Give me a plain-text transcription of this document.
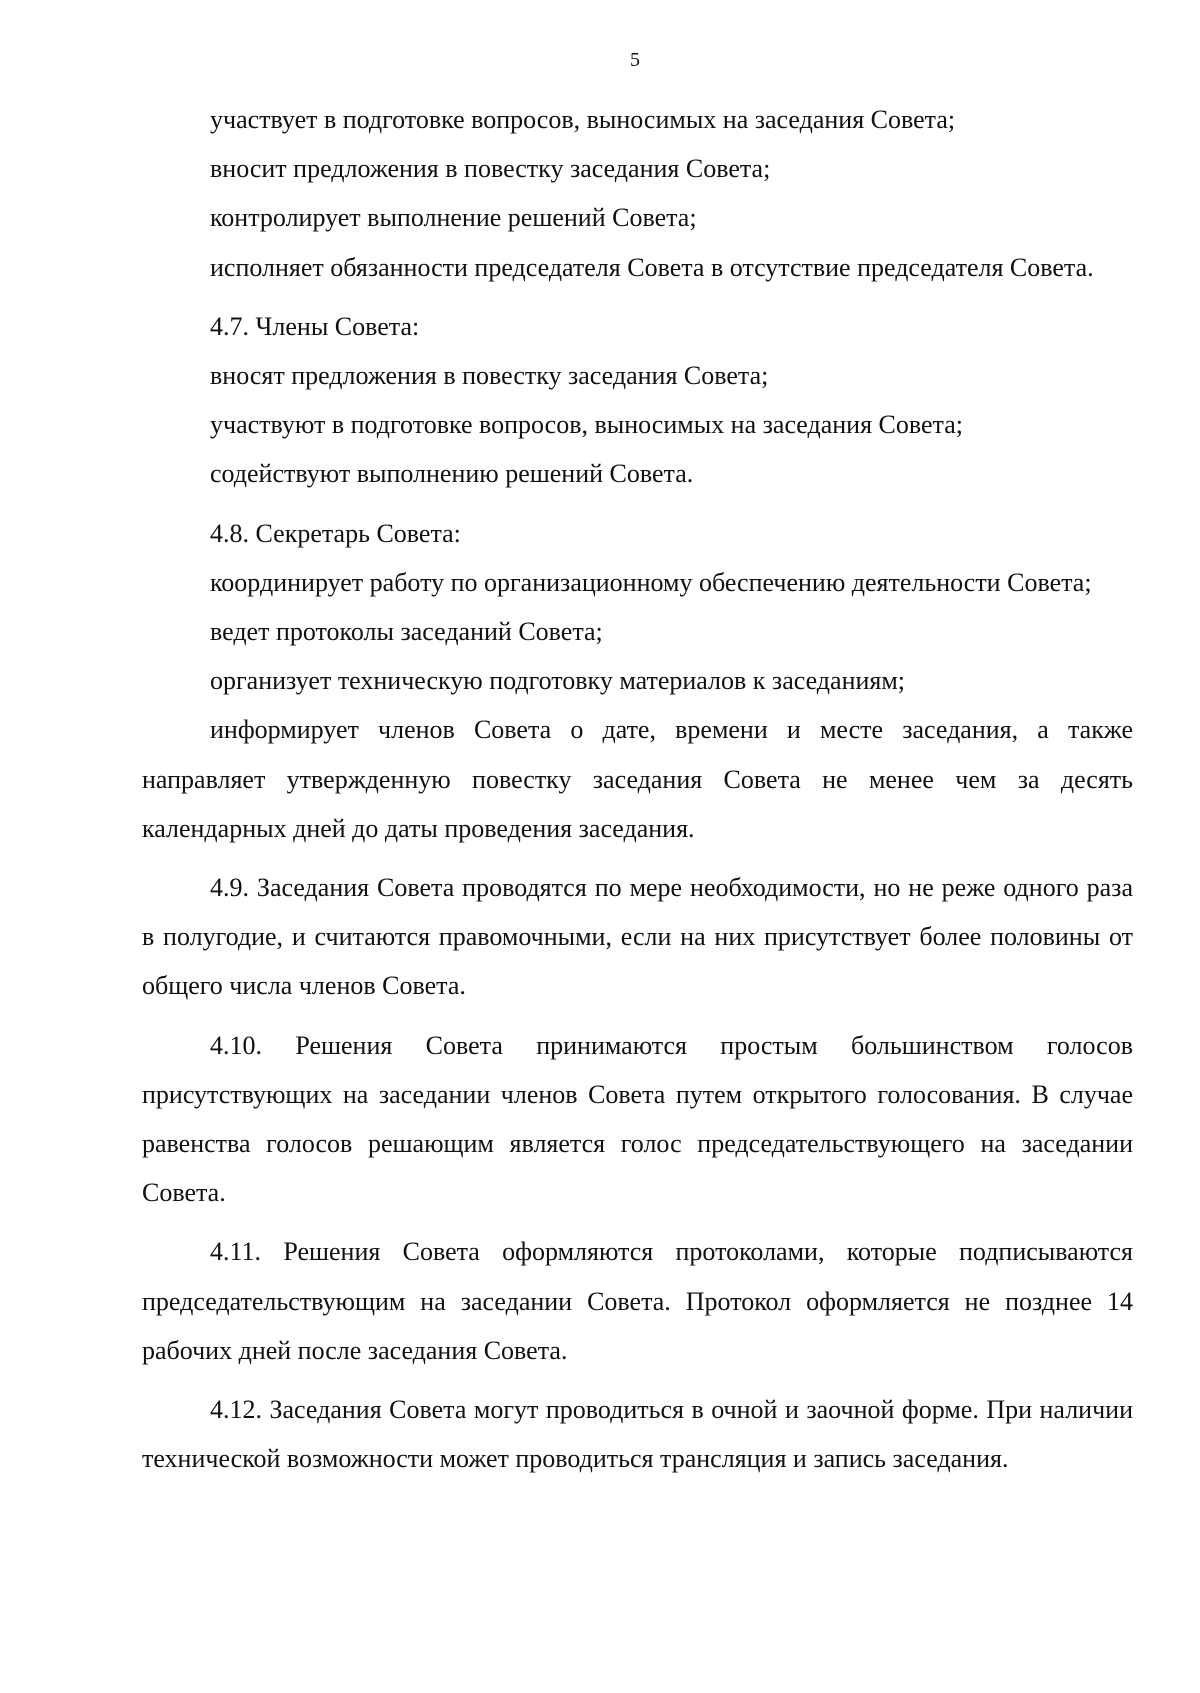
5

участвует в подготовке вопросов, выносимых на заседания Совета;

вносит предложения в повестку заседания Совета;

контролирует выполнение решений Совета;

исполняет обязанности председателя Совета в отсутствие председателя Совета.

4.7. Члены Совета:

вносят предложения в повестку заседания Совета;

участвуют в подготовке вопросов, выносимых на заседания Совета;

содействуют выполнению решений Совета.

4.8. Секретарь Совета:

координирует работу по организационному обеспечению деятельности Совета;

ведет протоколы заседаний Совета;

организует техническую подготовку материалов к заседаниям;

информирует членов Совета о дате, времени и месте заседания, а также направляет утвержденную повестку заседания Совета не менее чем за десять календарных дней до даты проведения заседания.

4.9. Заседания Совета проводятся по мере необходимости, но не реже одного раза в полугодие, и считаются правомочными, если на них присутствует более половины от общего числа членов Совета.

4.10. Решения Совета принимаются простым большинством голосов присутствующих на заседании членов Совета путем открытого голосования. В случае равенства голосов решающим является голос председательствующего на заседании Совета.

4.11. Решения Совета оформляются протоколами, которые подписываются председательствующим на заседании Совета. Протокол оформляется не позднее 14 рабочих дней после заседания Совета.

4.12. Заседания Совета могут проводиться в очной и заочной форме. При наличии технической возможности может проводиться трансляция и запись заседания.
